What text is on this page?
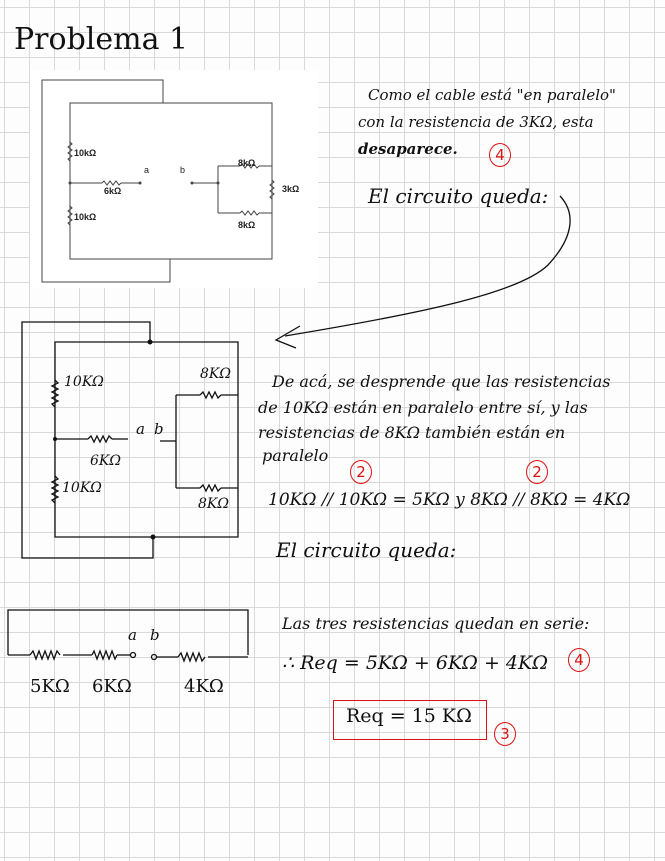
Problema 1
10kΩ
6kΩ
10kΩ
8kΩ
8kΩ
3kΩ
a	b
Como el cable está "en paralelo"
con la resistencia de 3KΩ, esta
desaparece.	4
El circuito queda:
10KΩ
6KΩ
10KΩ
8KΩ
8KΩ
a b
De acá, se desprende que las resistencias
de 10KΩ están en paralelo entre sí, y las
resistencias de 8KΩ también están en
paralelo
2	2
10KΩ // 10KΩ = 5KΩ y 8KΩ // 8KΩ = 4KΩ
El circuito queda:
a b
5KΩ 6KΩ	4KΩ
Las tres resistencias quedan en serie:
∴ Req = 5KΩ + 6KΩ + 4KΩ	4
Req = 15 KΩ
3
